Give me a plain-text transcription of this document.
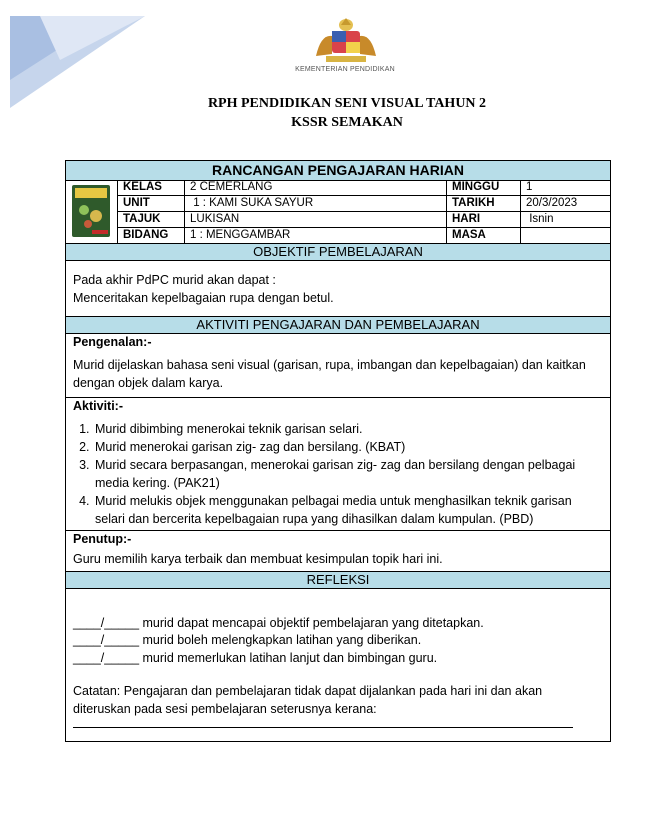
KEMENTERIAN PENDIDIKAN
RPH PENDIDIKAN SENI VISUAL TAHUN 2
KSSR SEMAKAN
RANCANGAN PENGAJARAN HARIAN
KELAS	2 CEMERLANG	MINGGU	1
UNIT	1 : KAMI SUKA SAYUR	TARIKH	20/3/2023
TAJUK	LUKISAN	HARI	Isnin
BIDANG	1 : MENGGAMBAR	MASA
OBJEKTIF PEMBELAJARAN
Pada akhir PdPC murid akan dapat :
Menceritakan kepelbagaian rupa dengan betul.
AKTIVITI PENGAJARAN DAN PEMBELAJARAN
Pengenalan:-
Murid dijelaskan bahasa seni visual (garisan, rupa, imbangan dan kepelbagaian) dan kaitkan dengan objek dalam karya.
Aktiviti:-
1. Murid dibimbing menerokai teknik garisan selari.
2. Murid menerokai garisan zig- zag dan bersilang. (KBAT)
3. Murid secara berpasangan, menerokai garisan zig- zag dan bersilang dengan pelbagai media kering. (PAK21)
4. Murid melukis objek menggunakan pelbagai media untuk menghasilkan teknik garisan selari dan bercerita kepelbagaian rupa yang dihasilkan dalam kumpulan. (PBD)
Penutup:-
Guru memilih karya terbaik dan membuat kesimpulan topik hari ini.
REFLEKSI
____/_____ murid dapat mencapai objektif pembelajaran yang ditetapkan.
____/_____ murid boleh melengkapkan latihan yang diberikan.
____/_____ murid memerlukan latihan lanjut dan bimbingan guru.
Catatan: Pengajaran dan pembelajaran tidak dapat dijalankan pada hari ini dan akan diteruskan pada sesi pembelajaran seterusnya kerana:
